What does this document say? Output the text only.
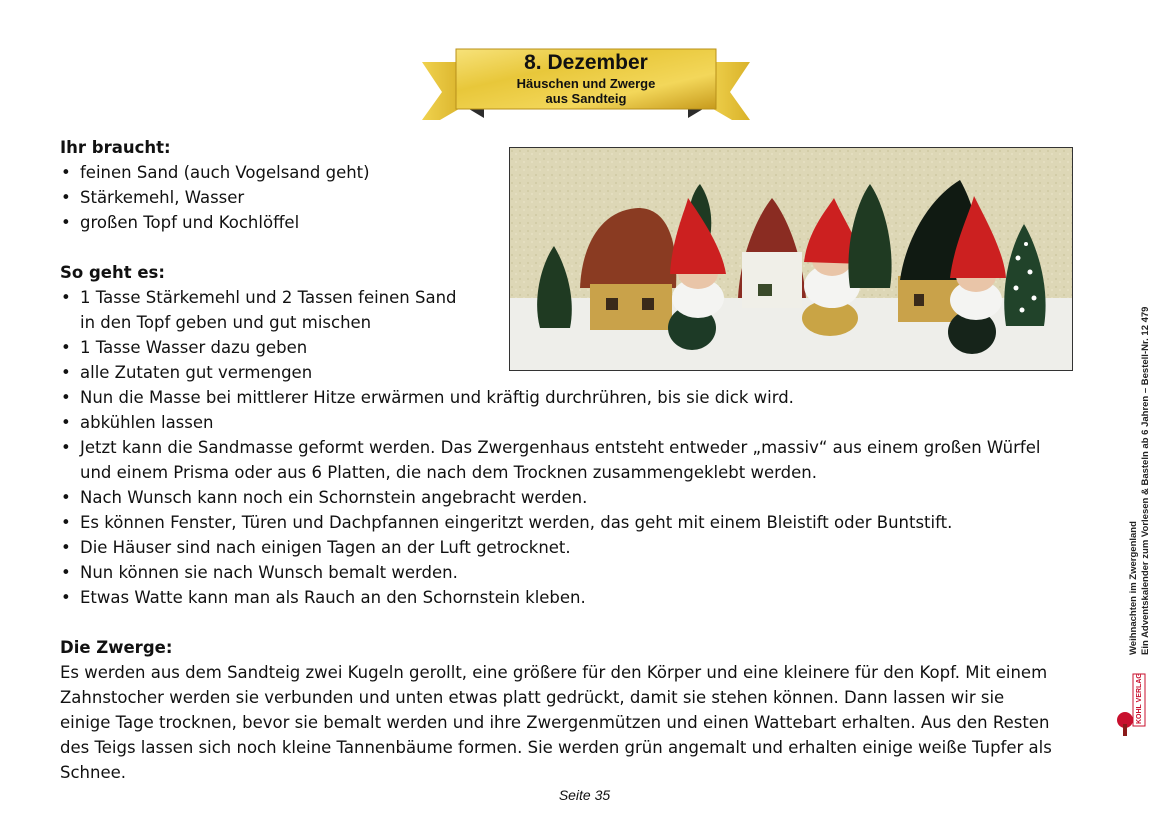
8. Dezember
Häuschen und Zwerge
aus Sandteig
Ihr braucht:
• feinen Sand (auch Vogelsand geht)
• Stärkemehl, Wasser
• großen Topf und Kochlöffel
So geht es:
• 1 Tasse Stärkemehl und 2 Tassen feinen Sand
in den Topf geben und gut mischen
• 1 Tasse Wasser dazu geben
• alle Zutaten gut vermengen
• Nun die Masse bei mittlerer Hitze erwärmen und kräftig durchrühren, bis sie dick wird.
• abkühlen lassen
• Jetzt kann die Sandmasse geformt werden. Das Zwergenhaus entsteht entweder „massiv“ aus einem großen Würfel
und einem Prisma oder aus 6 Platten, die nach dem Trocknen zusammengeklebt werden.
• Nach Wunsch kann noch ein Schornstein angebracht werden.
• Es können Fenster, Türen und Dachpfannen eingeritzt werden, das geht mit einem Bleistift oder Buntstift.
• Die Häuser sind nach einigen Tagen an der Luft getrocknet.
• Nun können sie nach Wunsch bemalt werden.
• Etwas Watte kann man als Rauch an den Schornstein kleben.
Die Zwerge:
Es werden aus dem Sandteig zwei Kugeln gerollt, eine größere für den Körper und eine kleinere für den Kopf. Mit einem
Zahnstocher werden sie verbunden und unten etwas platt gedrückt, damit sie stehen können. Dann lassen wir sie
einige Tage trocknen, bevor sie bemalt werden und ihre Zwergenmützen und einen Wattebart erhalten. Aus den Resten
des Teigs lassen sich noch kleine Tannenbäume formen. Sie werden grün angemalt und erhalten einige weiße Tupfer als
Schnee.
Seite 35
Weihnachten im Zwergenland Ein Adventskalender zum Vorlesen & Basteln ab 6 Jahren – Bestell-Nr. 12 479
KOHL VERLAG
